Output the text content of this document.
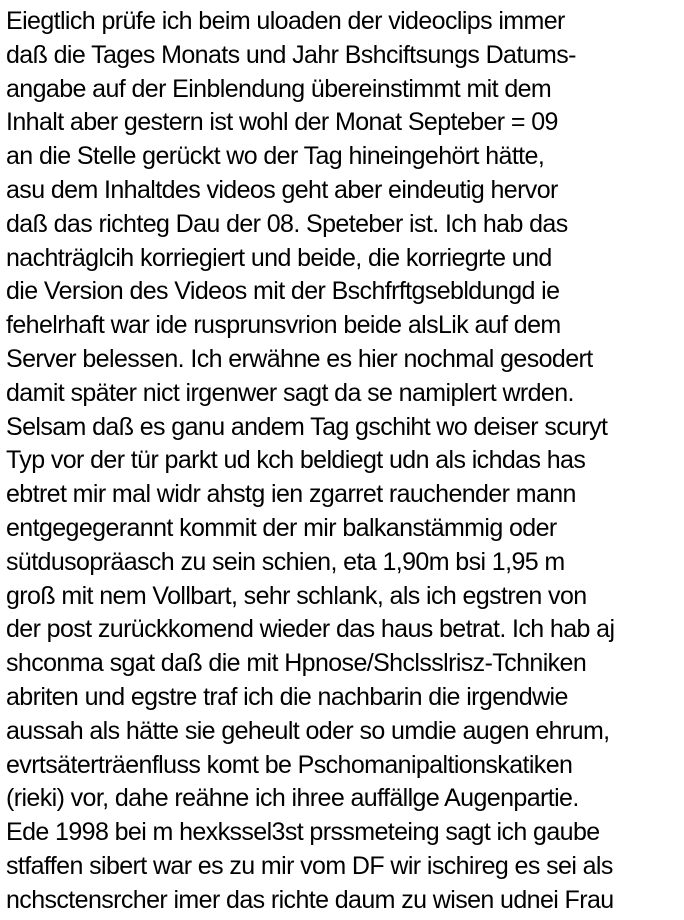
Eiegtlich prüfe ich beim uloaden der videoclips immer
daß die Tages Monats und Jahr Bshciftsungs Datums-
angabe auf der Einblendung übereinstimmt mit dem
Inhalt aber gestern ist wohl der Monat Septeber = 09
an die Stelle gerückt wo der Tag hineingehört hätte,
asu dem Inhaltdes videos geht aber eindeutig hervor
daß das richteg Dau der 08. Speteber ist. Ich hab das
nachträglcih korriegiert und beide, die korriegrte und
die Version des Videos mit der Bschfrftgsebldungd ie
fehelrhaft war ide rusprunsvrion beide alsLik auf dem
Server belessen. Ich erwähne es hier nochmal gesodert
damit später nict irgenwer sagt da se namiplert wrden.
Selsam daß es ganu andem Tag gschiht wo deiser scuryt
Typ vor der tür parkt ud kch beldiegt udn als ichdas has
ebtret mir mal widr ahstg ien zgarret rauchender mann
entgegegerannt kommit der mir balkanstämmig oder
sütdusopräasch zu sein schien, eta 1,90m bsi 1,95 m
groß mit nem Vollbart, sehr schlank, als ich egstren von
der post zurückkomend wieder das haus betrat. Ich hab aj
shconma sgat daß die mit Hpnose/Shclsslrisz-Tchniken
abriten und egstre traf ich die nachbarin die irgendwie
aussah als hätte sie geheult oder so umdie augen ehrum,
evrtsäterträenfluss komt be Pschomanipaltionskatiken
(rieki) vor, dahe reähne ich ihree auffällge Augenpartie.
Ede 1998 bei m hexkssel3st prssmeteing sagt ich gaube
stfaffen sibert war es zu mir vom DF wir ischireg es sei als
nchsctensrcher imer das richte daum zu wisen udnei Frau
